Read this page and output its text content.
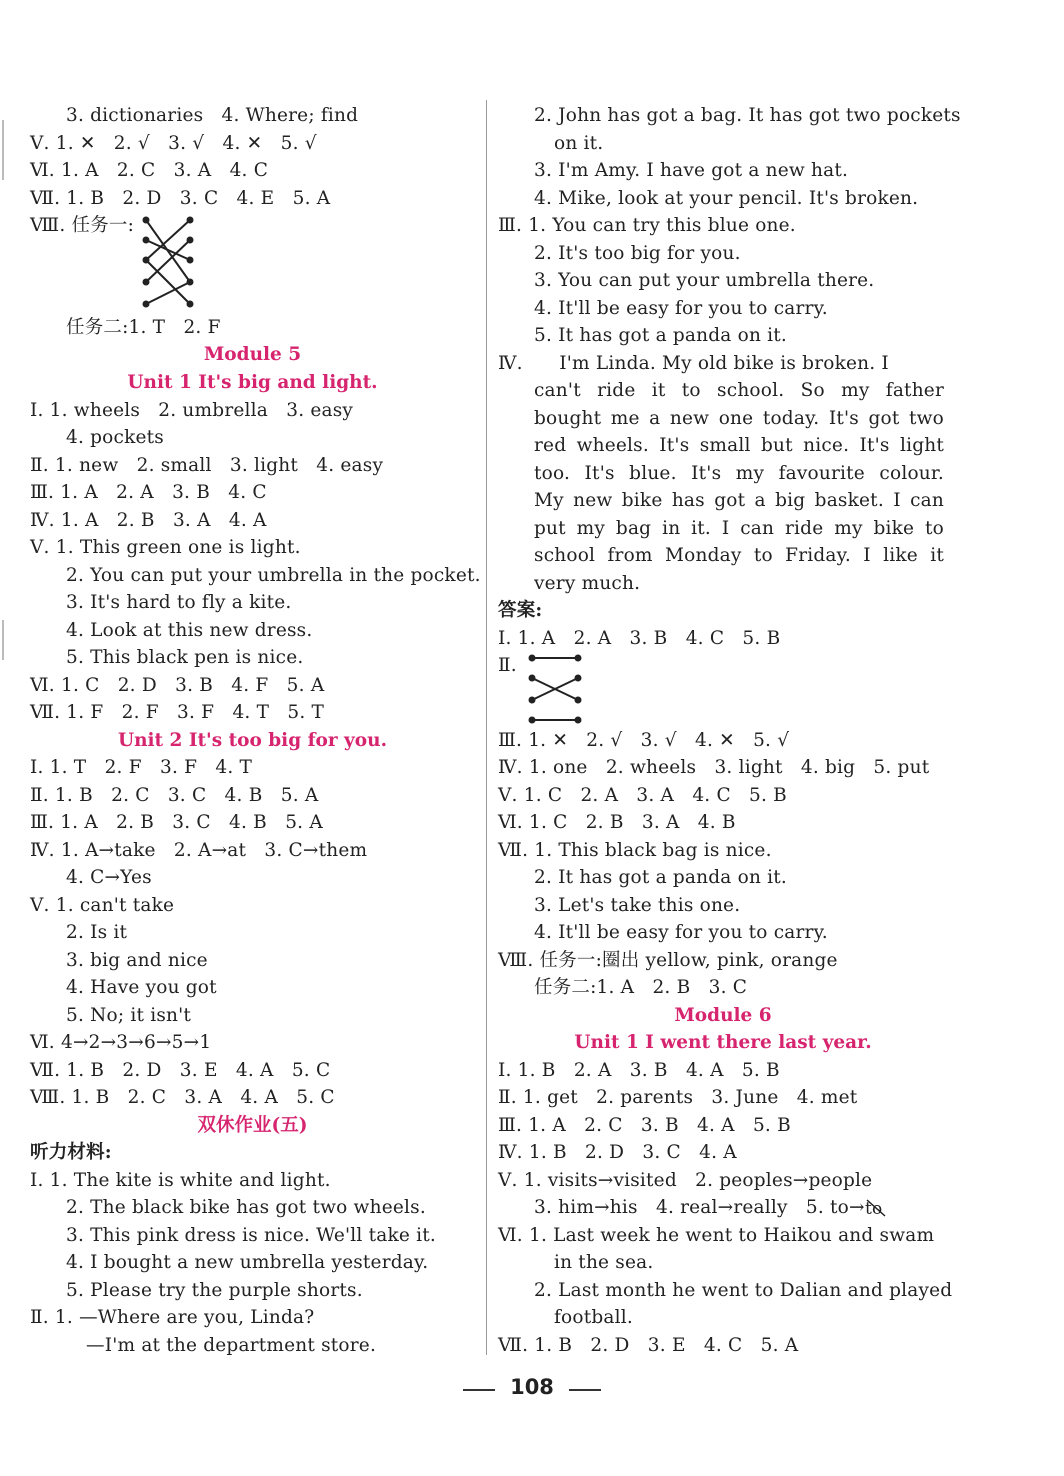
3. dictionaries   4. Where; find
Ⅴ. 1. ✕   2. √   3. √   4. ✕   5. √
Ⅵ. 1. A   2. C   3. A   4. C
Ⅶ. 1. B   2. D   3. C   4. E   5. A
Ⅷ. 任务一:
任务二:1. T   2. F
Module 5
Unit 1 It's big and light.
Ⅰ. 1. wheels   2. umbrella   3. easy
4. pockets
Ⅱ. 1. new   2. small   3. light   4. easy
Ⅲ. 1. A   2. A   3. B   4. C
Ⅳ. 1. A   2. B   3. A   4. A
Ⅴ. 1. This green one is light.
2. You can put your umbrella in the pocket.
3. It's hard to fly a kite.
4. Look at this new dress.
5. This black pen is nice.
Ⅵ. 1. C   2. D   3. B   4. F   5. A
Ⅶ. 1. F   2. F   3. F   4. T   5. T
Unit 2 It's too big for you.
Ⅰ. 1. T   2. F   3. F   4. T
Ⅱ. 1. B   2. C   3. C   4. B   5. A
Ⅲ. 1. A   2. B   3. C   4. B   5. A
Ⅳ. 1. A→take   2. A→at   3. C→them
4. C→Yes
Ⅴ. 1. can't take
2. Is it
3. big and nice
4. Have you got
5. No; it isn't
Ⅵ. 4→2→3→6→5→1
Ⅶ. 1. B   2. D   3. E   4. A   5. C
Ⅷ. 1. B   2. C   3. A   4. A   5. C
双休作业(五)
听力材料:
Ⅰ. 1. The kite is white and light.
2. The black bike has got two wheels.
3. This pink dress is nice. We'll take it.
4. I bought a new umbrella yesterday.
5. Please try the purple shorts.
Ⅱ. 1. —Where are you, Linda?
—I'm at the department store.
2. John has got a bag. It has got two pockets
on it.
3. I'm Amy. I have got a new hat.
4. Mike, look at your pencil. It's broken.
Ⅲ. 1. You can try this blue one.
2. It's too big for you.
3. You can put your umbrella there.
4. It'll be easy for you to carry.
5. It has got a panda on it.
Ⅳ.      I'm Linda. My old bike is broken. I
can't ride it to school. So my father
bought me a new one today. It's got two
red wheels. It's small but nice. It's light
too. It's blue. It's my favourite colour.
My new bike has got a big basket. I can
put my bag in it. I can ride my bike to
school from Monday to Friday. I like it
very much.
答案:
Ⅰ. 1. A   2. A   3. B   4. C   5. B
Ⅱ.
Ⅲ. 1. ✕   2. √   3. √   4. ✕   5. √
Ⅳ. 1. one   2. wheels   3. light   4. big   5. put
Ⅴ. 1. C   2. A   3. A   4. C   5. B
Ⅵ. 1. C   2. B   3. A   4. B
Ⅶ. 1. This black bag is nice.
2. It has got a panda on it.
3. Let's take this one.
4. It'll be easy for you to carry.
Ⅷ. 任务一:圈出 yellow, pink, orange
任务二:1. A   2. B   3. C
Module 6
Unit 1 I went there last year.
Ⅰ. 1. B   2. A   3. B   4. A   5. B
Ⅱ. 1. get   2. parents   3. June   4. met
Ⅲ. 1. A   2. C   3. B   4. A   5. B
Ⅳ. 1. B   2. D   3. C   4. A
Ⅴ. 1. visits→visited   2. peoples→people
3. him→his   4. real→really   5. to→ to
Ⅵ. 1. Last week he went to Haikou and swam
in the sea.
2. Last month he went to Dalian and played
football.
Ⅶ. 1. B   2. D   3. E   4. C   5. A
108
